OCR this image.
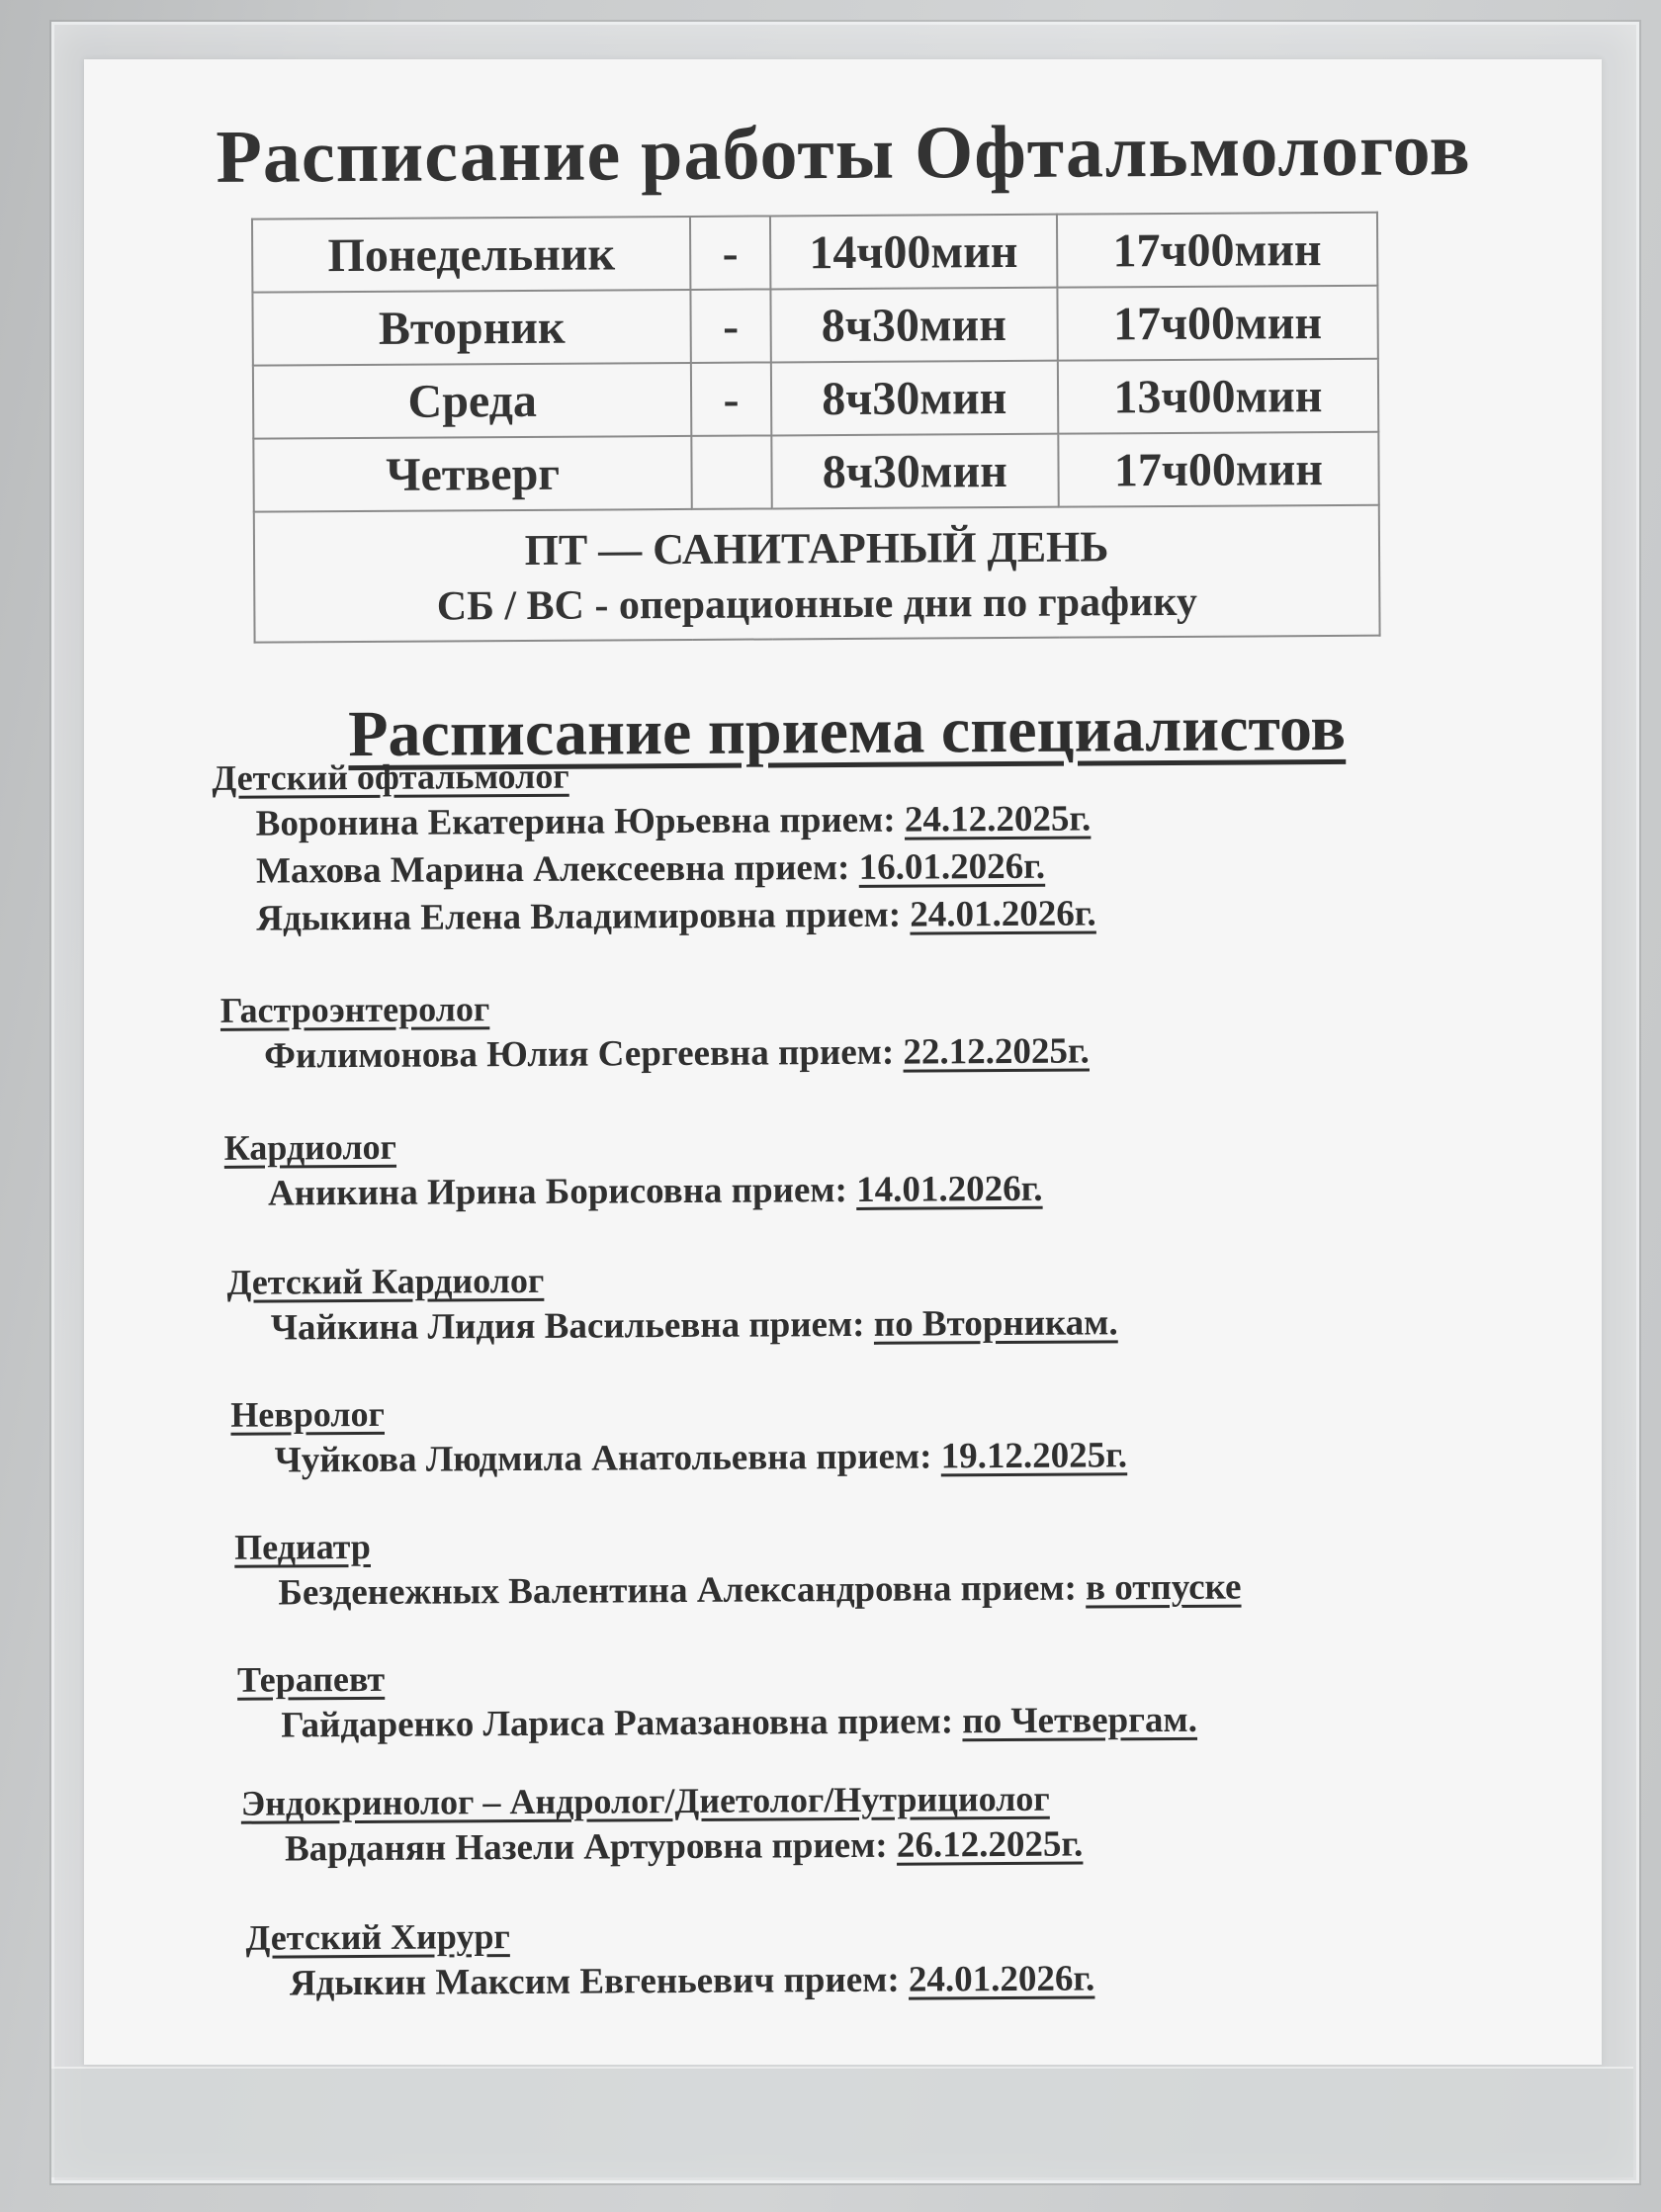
Расписание работы Офтальмологов
Понедельник	-	14ч00мин	17ч00мин
Вторник	-	8ч30мин	17ч00мин
Среда	-	8ч30мин	13ч00мин
Четверг		8ч30мин	17ч00мин

ПТ — САНИТАРНЫЙ ДЕНЬ
СБ / ВС - операционные дни по графику			
Расписание приема специалистов
Детский офтальмолог
Воронина Екатерина Юрьевна прием: 24.12.2025г.
Махова Марина Алексеевна прием: 16.01.2026г.
Ядыкина Елена Владимировна прием: 24.01.2026г.
Гастроэнтеролог
Филимонова Юлия Сергеевна прием: 22.12.2025г.
Кардиолог
Аникина Ирина Борисовна прием: 14.01.2026г.
Детский Кардиолог
Чайкина Лидия Васильевна прием: по Вторникам.
Невролог
Чуйкова Людмила Анатольевна прием: 19.12.2025г.
Педиатр
Безденежных Валентина Александровна прием: в отпуске
Терапевт
Гайдаренко Лариса Рамазановна прием: по Четвергам.
Эндокринолог – Андролог/Диетолог/Нутрициолог
Варданян Назели Артуровна прием: 26.12.2025г.
Детский Хирург
Ядыкин Максим Евгеньевич прием: 24.01.2026г.
